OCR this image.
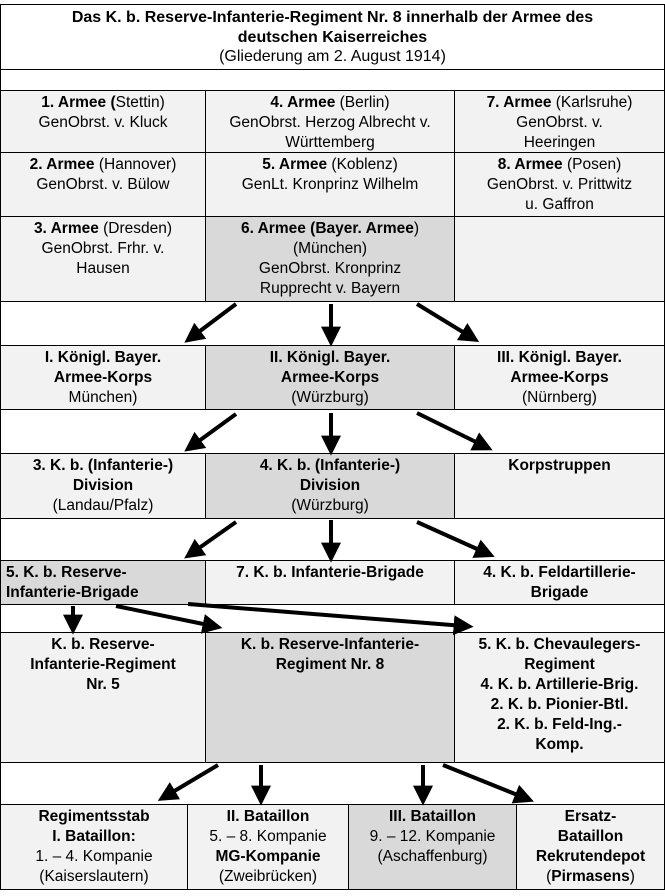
Das K. b. Reserve-Infanterie-Regiment Nr. 8 innerhalb der Armee des
deutschen Kaiserreiches
(Gliederung am 2. August 1914)
1. Armee (Stettin)
GenObrst. v. Kluck
4. Armee (Berlin)
GenObrst. Herzog Albrecht v.
Württemberg
7. Armee (Karlsruhe)
GenObrst. v.
Heeringen
2. Armee (Hannover)
GenObrst. v. Bülow
5. Armee (Koblenz)
GenLt. Kronprinz Wilhelm
8. Armee (Posen)
GenObrst. v. Prittwitz
u. Gaffron
3. Armee (Dresden)
GenObrst. Frhr. v.
Hausen
6. Armee (Bayer. Armee)
(München)
GenObrst. Kronprinz
Rupprecht v. Bayern
I. Königl. Bayer.
Armee-Korps
München)
II. Königl. Bayer.
Armee-Korps
(Würzburg)
III. Königl. Bayer.
Armee-Korps
(Nürnberg)
3. K. b. (Infanterie-)
Division
(Landau/Pfalz)
4. K. b. (Infanterie-)
Division
(Würzburg)
Korpstruppen
5. K. b. Reserve-
Infanterie-Brigade
7. K. b. Infanterie-Brigade	4. K. b. Feldartillerie-
Brigade
K. b. Reserve-
Infanterie-Regiment
Nr. 5
K. b. Reserve-Infanterie-
Regiment Nr. 8
5. K. b. Chevaulegers-
Regiment
4. K. b. Artillerie-Brig.
2. K. b. Pionier-Btl.
2. K. b. Feld-Ing.-
Komp.
Regimentsstab
I. Bataillon:
1. – 4. Kompanie
(Kaiserslautern)
II. Bataillon
5. – 8. Kompanie
MG-Kompanie
(Zweibrücken)
III. Bataillon
9. – 12. Kompanie
(Aschaffenburg)
Ersatz-
Bataillon
Rekrutendepot
(Pirmasens)
